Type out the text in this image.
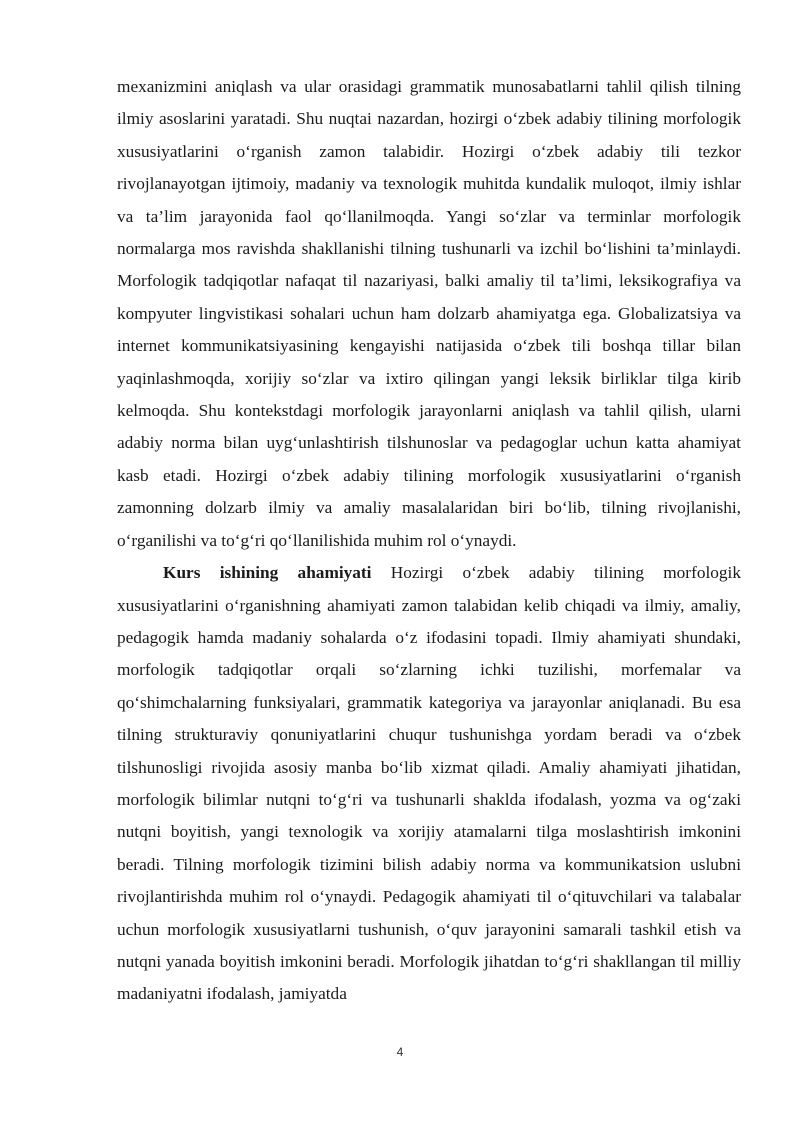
mexanizmini aniqlash va ular orasidagi grammatik munosabatlarni tahlil qilish tilning ilmiy asoslarini yaratadi. Shu nuqtai nazardan, hozirgi o‘zbek adabiy tilining morfologik xususiyatlarini o‘rganish zamon talabidir. Hozirgi o‘zbek adabiy tili tezkor rivojlanayotgan ijtimoiy, madaniy va texnologik muhitda kundalik muloqot, ilmiy ishlar va ta’lim jarayonida faol qo‘llanilmoqda. Yangi so‘zlar va terminlar morfologik normalarga mos ravishda shakllanishi tilning tushunarli va izchil bo‘lishini ta’minlaydi. Morfologik tadqiqotlar nafaqat til nazariyasi, balki amaliy til ta’limi, leksikografiya va kompyuter lingvistikasi sohalari uchun ham dolzarb ahamiyatga ega. Globalizatsiya va internet kommunikatsiyasining kengayishi natijasida o‘zbek tili boshqa tillar bilan yaqinlashmoqda, xorijiy so‘zlar va ixtiro qilingan yangi leksik birliklar tilga kirib kelmoqda. Shu kontekstdagi morfologik jarayonlarni aniqlash va tahlil qilish, ularni adabiy norma bilan uyg‘unlashtirish tilshunoslar va pedagoglar uchun katta ahamiyat kasb etadi. Hozirgi o‘zbek adabiy tilining morfologik xususiyatlarini o‘rganish zamonning dolzarb ilmiy va amaliy masalalaridan biri bo‘lib, tilning rivojlanishi, o‘rganilishi va to‘g‘ri qo‘llanilishida muhim rol o‘ynaydi.

Kurs ishining ahamiyati Hozirgi o‘zbek adabiy tilining morfologik xususiyatlarini o‘rganishning ahamiyati zamon talabidan kelib chiqadi va ilmiy, amaliy, pedagogik hamda madaniy sohalarda o‘z ifodasini topadi. Ilmiy ahamiyati shundaki, morfologik tadqiqotlar orqali so‘zlarning ichki tuzilishi, morfemalar va qo‘shimchalarning funksiyalari, grammatik kategoriya va jarayonlar aniqlanadi. Bu esa tilning strukturaviy qonuniyatlarini chuqur tushunishga yordam beradi va o‘zbek tilshunosligi rivojida asosiy manba bo‘lib xizmat qiladi. Amaliy ahamiyati jihatidan, morfologik bilimlar nutqni to‘g‘ri va tushunarli shaklda ifodalash, yozma va og‘zaki nutqni boyitish, yangi texnologik va xorijiy atamalarni tilga moslashtirish imkonini beradi. Tilning morfologik tizimini bilish adabiy norma va kommunikatsion uslubni rivojlantirishda muhim rol o‘ynaydi. Pedagogik ahamiyati til o‘qituvchilari va talabalar uchun morfologik xususiyatlarni tushunish, o‘quv jarayonini samarali tashkil etish va nutqni yanada boyitish imkonini beradi. Morfologik jihatdan to‘g‘ri shakllangan til milliy madaniyatni ifodalash, jamiyatda

4
